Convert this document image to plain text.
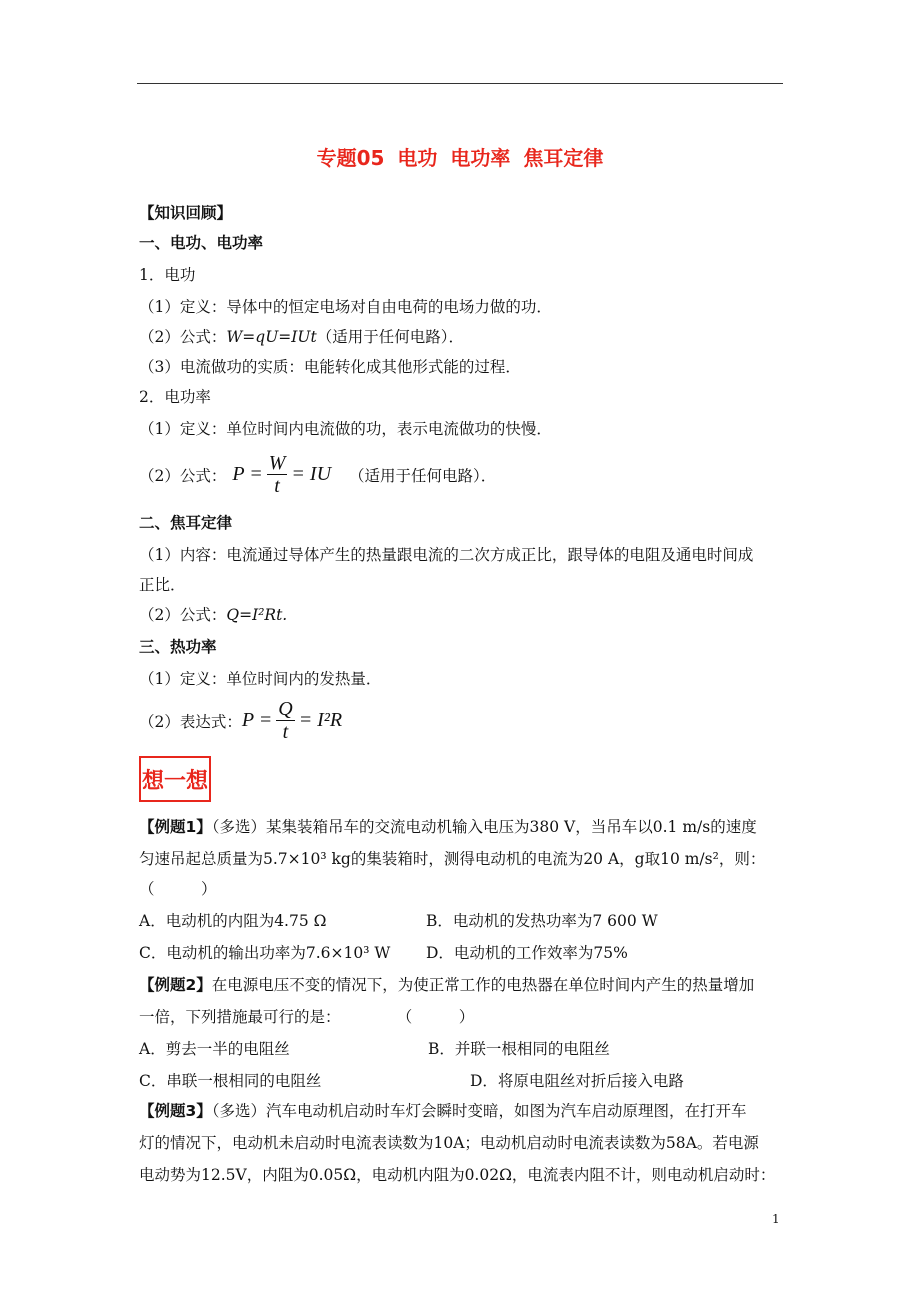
专题05 电功 电功率 焦耳定律
【知识回顾】
一、电功、电功率
1．电功
（1）定义：导体中的恒定电场对自由电荷的电场力做的功．
（2）公式：W=qU=IUt（适用于任何电路）．
（3）电流做功的实质：电能转化成其他形式能的过程．
2．电功率
（1）定义：单位时间内电流做的功，表示电流做功的快慢．
（2）公式： $P = \frac{W}{t}$ = IU （适用于任何电路）．
二、焦耳定律
（1）内容：电流通过导体产生的热量跟电流的二次方成正比，跟导体的电阻及通电时间成
正比．
（2）公式：Q=I²Rt.
三、热功率
（1）定义：单位时间内的发热量．
（2）表达式： $P = \frac{Q}{t} = I^2R$
想一想
【例题1】（多选）某集装箱吊车的交流电动机输入电压为380 V，当吊车以0.1 m/s的速度
匀速吊起总质量为5.7×10³ kg的集装箱时，测得电动机的电流为20 A，g取10 m/s²，则：
（　　　）
A．电动机的内阻为4.75 Ω	B．电动机的发热功率为7 600 W
C．电动机的输出功率为7.6×10³ W D．电动机的工作效率为75%
【例题2】在电源电压不变的情况下，为使正常工作的电热器在单位时间内产生的热量增加
一倍，下列措施最可行的是：	（　　　）
A．剪去一半的电阻丝	B．并联一根相同的电阻丝
C．串联一根相同的电阻丝	D．将原电阻丝对折后接入电路
【例题3】（多选）汽车电动机启动时车灯会瞬时变暗，如图为汽车启动原理图，在打开车
灯的情况下，电动机未启动时电流表读数为10A；电动机启动时电流表读数为58A。若电源
电动势为12.5V，内阻为0.05Ω，电动机内阻为0.02Ω，电流表内阻不计，则电动机启动时：
1
